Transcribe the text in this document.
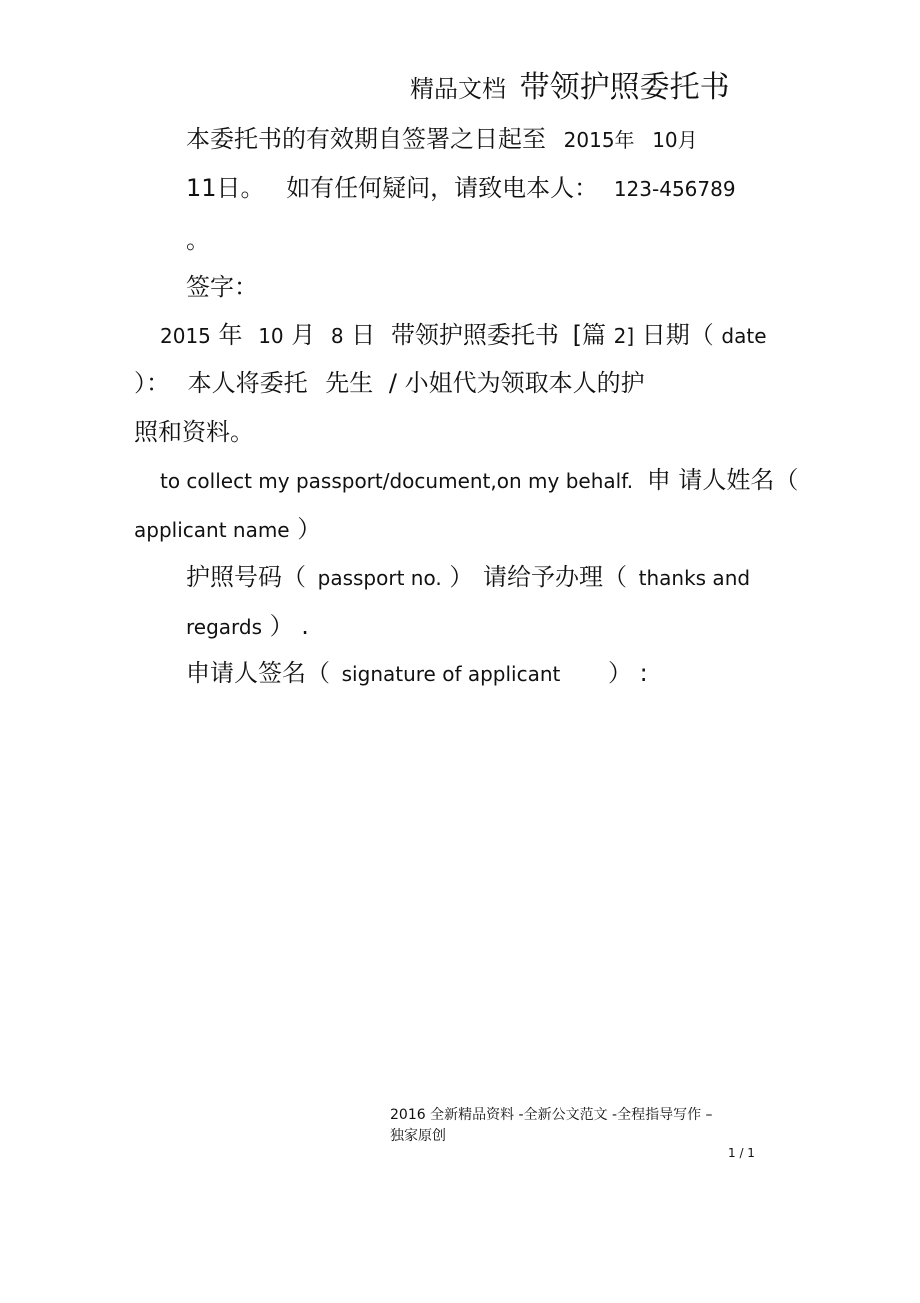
精品文档 带领护照委托书
本委托书的有效期自签署之日起至 2015年 10月
11日。 如有任何疑问，请致电本人： 123-456789
。
签字：
2015 年 10 月 8 日 带领护照委托书 [篇 2] 日期（ date
）： 本人将委托 先生 / 小姐代为领取本人的护
照和资料。
to collect my passport/document,on my behalf. 申 请人姓名（
applicant name ）
护照号码（ passport no. ） 请给予办理（ thanks and
regards ） .
申请人签名（ signature of applicant ） :
2016 全新精品资料 -全新公文范文 -全程指导写作 –
独家原创
1 / 1
